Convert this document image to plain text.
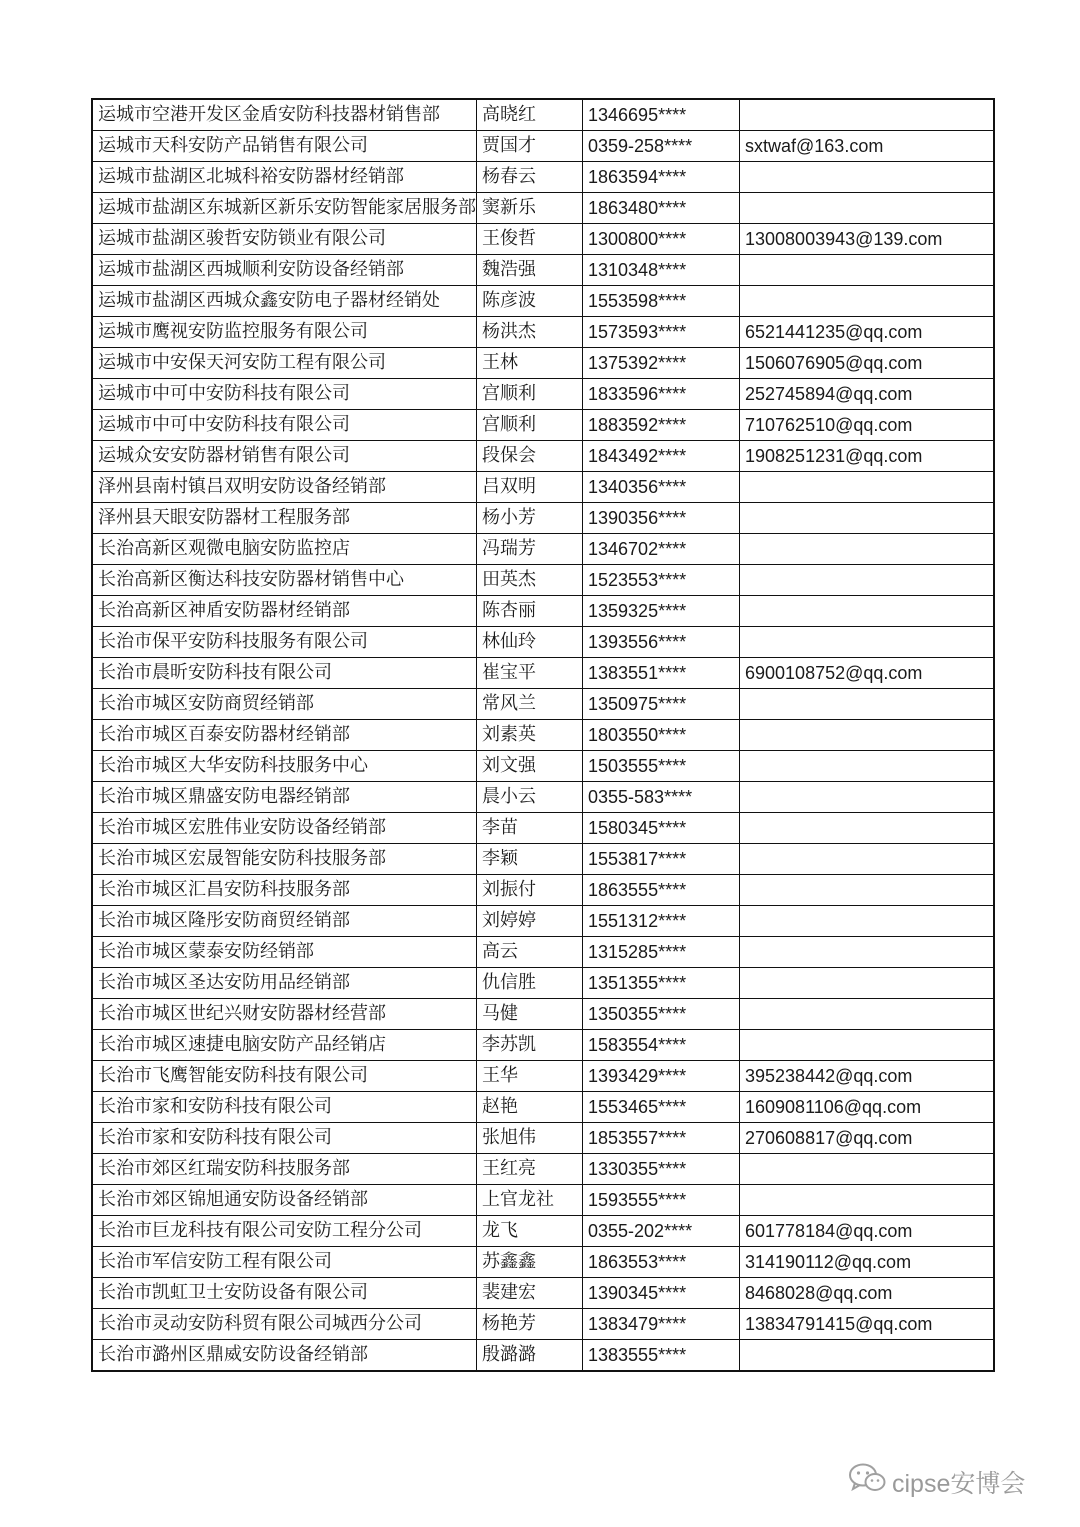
运城市空港开发区金盾安防科技器材销售部	高晓红	1346695****	
运城市天科安防产品销售有限公司	贾国才	0359-258****	sxtwaf@163.com
运城市盐湖区北城科裕安防器材经销部	杨春云	1863594****	
运城市盐湖区东城新区新乐安防智能家居服务部	窦新乐	1863480****	
运城市盐湖区骏哲安防锁业有限公司	王俊哲	1300800****	13008003943@139.com
运城市盐湖区西城顺利安防设备经销部	魏浩强	1310348****	
运城市盐湖区西城众鑫安防电子器材经销处	陈彦波	1553598****	
运城市鹰视安防监控服务有限公司	杨洪杰	1573593****	6521441235@qq.com
运城市中安保天河安防工程有限公司	王林	1375392****	1506076905@qq.com
运城市中可中安防科技有限公司	宫顺利	1833596****	252745894@qq.com
运城市中可中安防科技有限公司	宫顺利	1883592****	710762510@qq.com
运城众安安防器材销售有限公司	段保会	1843492****	1908251231@qq.com
泽州县南村镇吕双明安防设备经销部	吕双明	1340356****	
泽州县天眼安防器材工程服务部	杨小芳	1390356****	
长治高新区观微电脑安防监控店	冯瑞芳	1346702****	
长治高新区衡达科技安防器材销售中心	田英杰	1523553****	
长治高新区神盾安防器材经销部	陈杏丽	1359325****	
长治市保平安防科技服务有限公司	林仙玲	1393556****	
长治市晨昕安防科技有限公司	崔宝平	1383551****	6900108752@qq.com
长治市城区安防商贸经销部	常风兰	1350975****	
长治市城区百泰安防器材经销部	刘素英	1803550****	
长治市城区大华安防科技服务中心	刘文强	1503555****	
长治市城区鼎盛安防电器经销部	晨小云	0355-583****	
长治市城区宏胜伟业安防设备经销部	李苗	1580345****	
长治市城区宏晟智能安防科技服务部	李颖	1553817****	
长治市城区汇昌安防科技服务部	刘振付	1863555****	
长治市城区隆彤安防商贸经销部	刘婷婷	1551312****	
长治市城区蒙泰安防经销部	高云	1315285****	
长治市城区圣达安防用品经销部	仇信胜	1351355****	
长治市城区世纪兴财安防器材经营部	马健	1350355****	
长治市城区速捷电脑安防产品经销店	李苏凯	1583554****	
长治市飞鹰智能安防科技有限公司	王华	1393429****	395238442@qq.com
长治市家和安防科技有限公司	赵艳	1553465****	1609081106@qq.com
长治市家和安防科技有限公司	张旭伟	1853557****	270608817@qq.com
长治市郊区红瑞安防科技服务部	王红亮	1330355****	
长治市郊区锦旭通安防设备经销部	上官龙社	1593555****	
长治市巨龙科技有限公司安防工程分公司	龙飞	0355-202****	601778184@qq.com
长治市军信安防工程有限公司	苏鑫鑫	1863553****	314190112@qq.com
长治市凯虹卫士安防设备有限公司	裴建宏	1390345****	8468028@qq.com
长治市灵动安防科贸有限公司城西分公司	杨艳芳	1383479****	13834791415@qq.com
长治市潞州区鼎威安防设备经销部	殷潞潞	1383555****	
cipse安博会
